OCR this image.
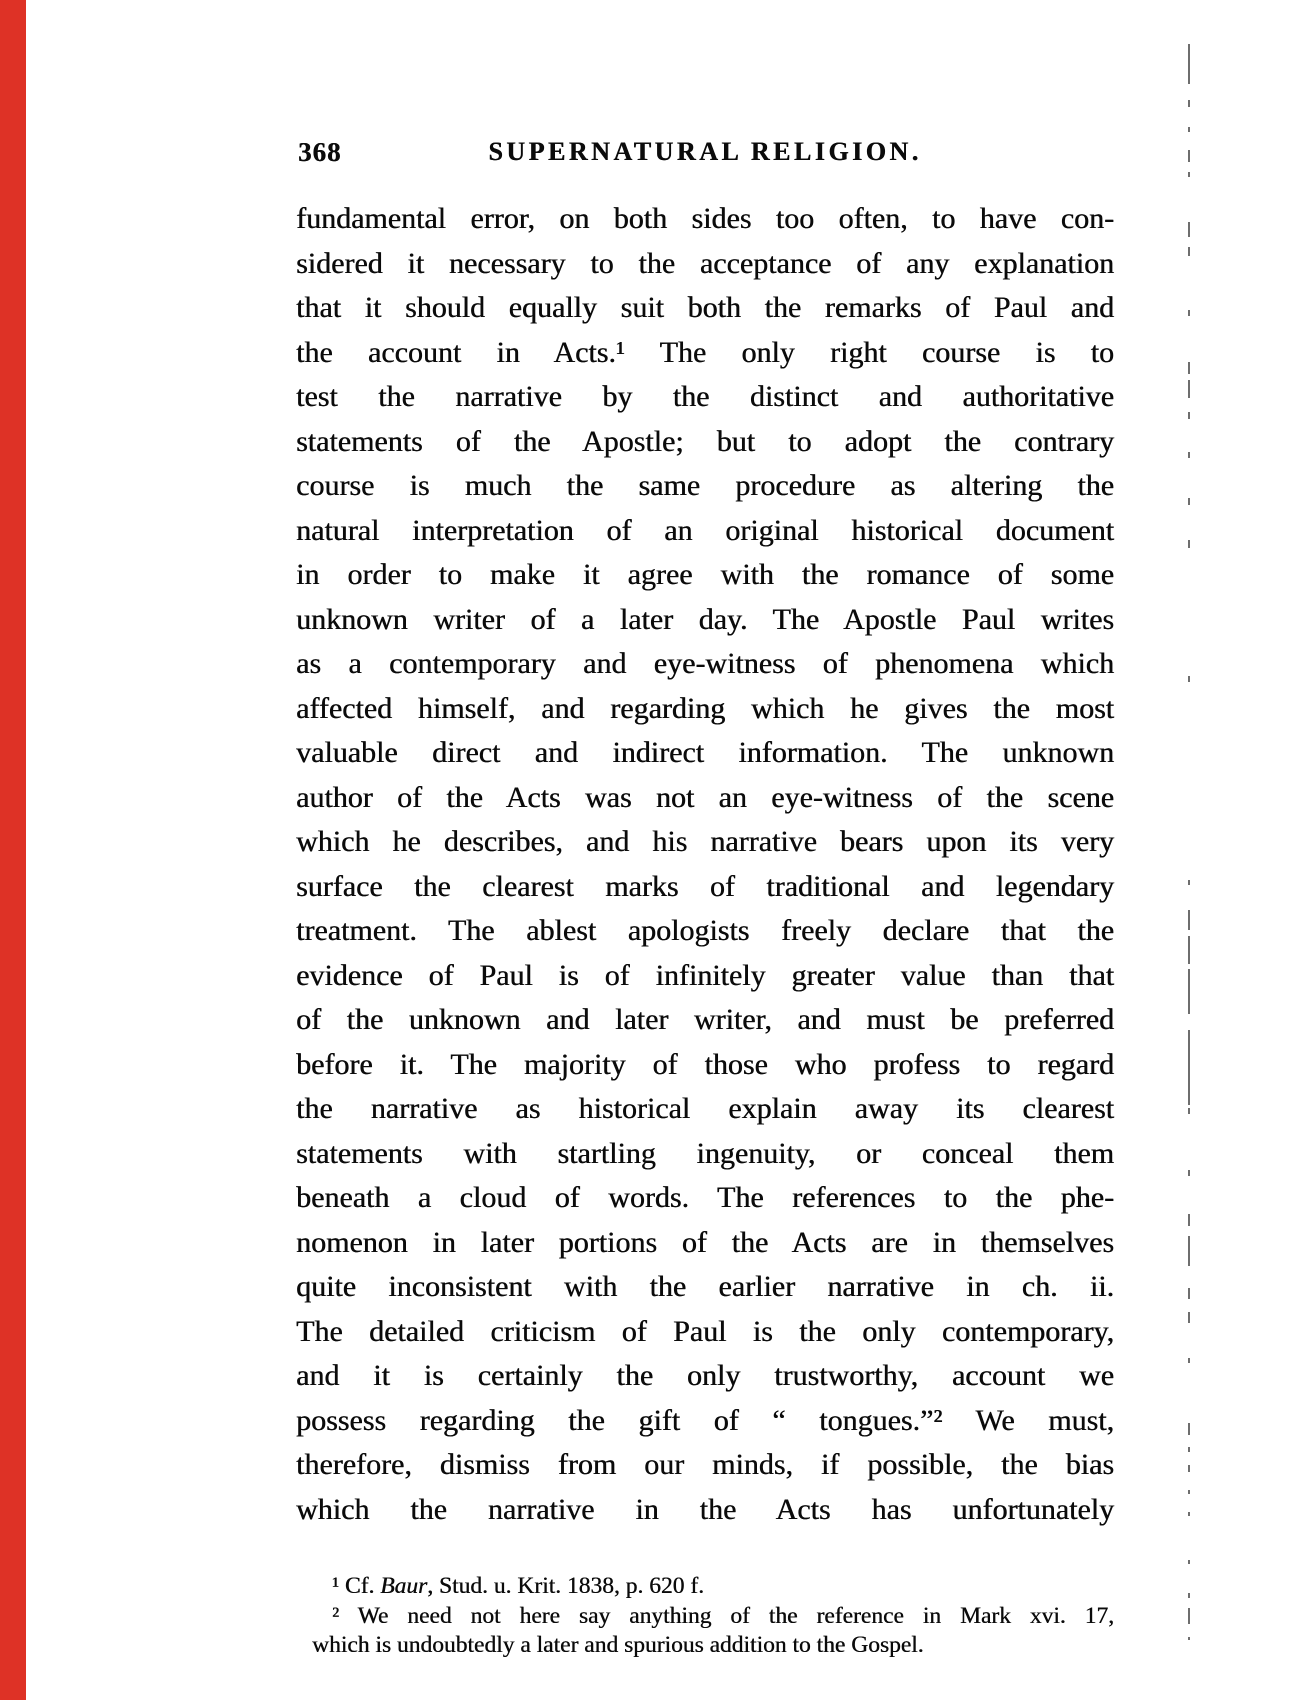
368	SUPERNATURAL RELIGION.
fundamental error, on both sides too often, to have con-
sidered it necessary to the acceptance of any explanation
that it should equally suit both the remarks of Paul and
the account in Acts.¹ The only right course is to
test the narrative by the distinct and authoritative
statements of the Apostle; but to adopt the contrary
course is much the same procedure as altering the
natural interpretation of an original historical document
in order to make it agree with the romance of some
unknown writer of a later day. The Apostle Paul writes
as a contemporary and eye-witness of phenomena which
affected himself, and regarding which he gives the most
valuable direct and indirect information. The unknown
author of the Acts was not an eye-witness of the scene
which he describes, and his narrative bears upon its very
surface the clearest marks of traditional and legendary
treatment. The ablest apologists freely declare that the
evidence of Paul is of infinitely greater value than that
of the unknown and later writer, and must be preferred
before it. The majority of those who profess to regard
the narrative as historical explain away its clearest
statements with startling ingenuity, or conceal them
beneath a cloud of words. The references to the phe-
nomenon in later portions of the Acts are in themselves
quite inconsistent with the earlier narrative in ch. ii.
The detailed criticism of Paul is the only contemporary,
and it is certainly the only trustworthy, account we
possess regarding the gift of “ tongues.”² We must,
therefore, dismiss from our minds, if possible, the bias
which the narrative in the Acts has unfortunately
¹ Cf. Baur, Stud. u. Krit. 1838, p. 620 f.
² We need not here say anything of the reference in Mark xvi. 17,
which is undoubtedly a later and spurious addition to the Gospel.
